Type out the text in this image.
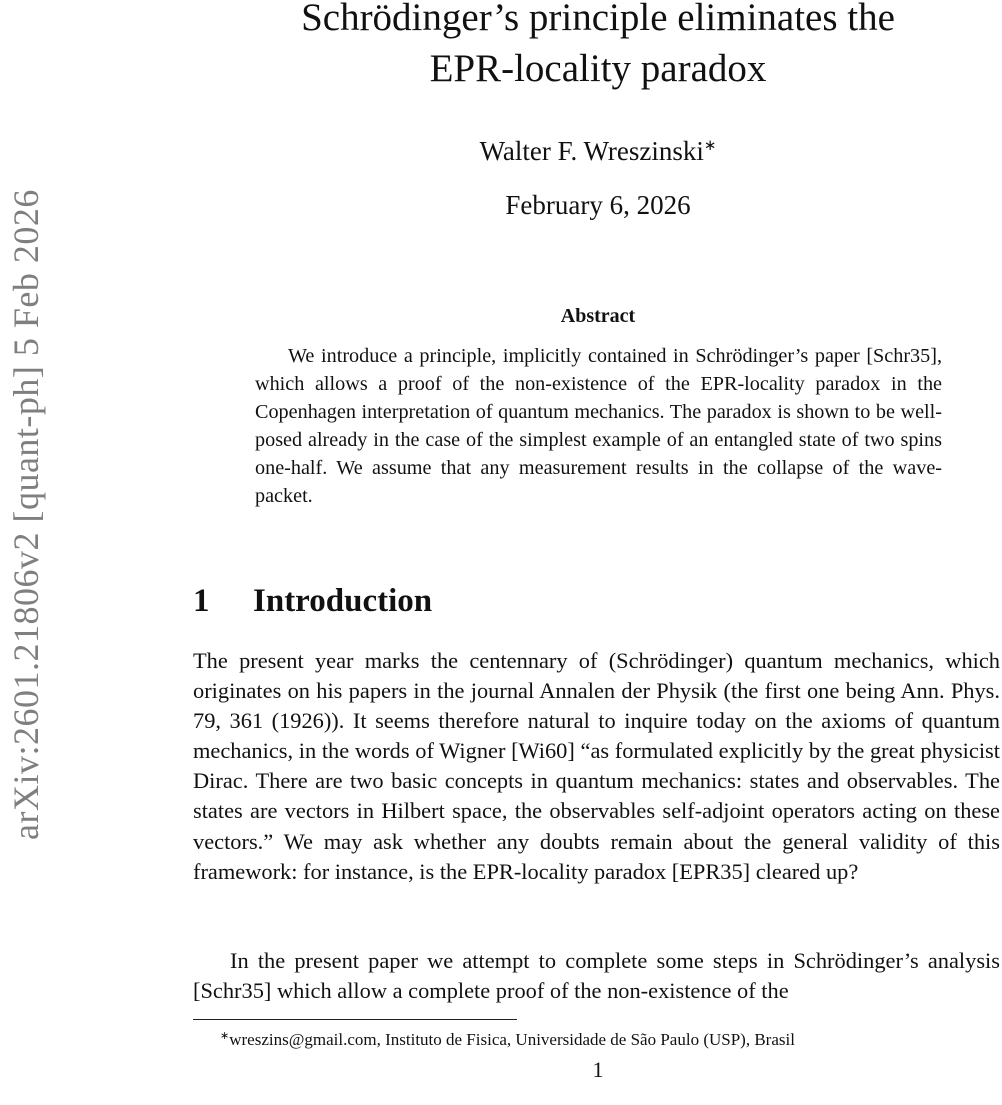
arXiv:2601.21806v2 [quant-ph] 5 Feb 2026
Schrödinger’s principle eliminates the
EPR-locality paradox
Walter F. Wreszinski∗
February 6, 2026
Abstract

We introduce a principle, implicitly contained in Schrödinger’s paper [Schr35], which allows a proof of the non-existence of the EPR-locality paradox in the Copenhagen interpretation of quantum mechanics. The paradox is shown to be well-posed already in the case of the simplest example of an entangled state of two spins one-half. We assume that any measurement results in the collapse of the wave-packet.

1 Introduction

The present year marks the centennary of (Schrödinger) quantum mechanics, which originates on his papers in the journal Annalen der Physik (the first one being Ann. Phys. 79, 361 (1926)). It seems therefore natural to inquire today on the axioms of quantum mechanics, in the words of Wigner [Wi60] “as formulated explicitly by the great physicist Dirac. There are two basic concepts in quantum mechanics: states and observables. The states are vectors in Hilbert space, the observables self-adjoint operators acting on these vectors.” We may ask whether any doubts remain about the general validity of this framework: for instance, is the EPR-locality paradox [EPR35] cleared up?

In the present paper we attempt to complete some steps in Schrödinger’s analysis [Schr35] which allow a complete proof of the non-existence of the

∗wreszins@gmail.com, Instituto de Fisica, Universidade de São Paulo (USP), Brasil
1
